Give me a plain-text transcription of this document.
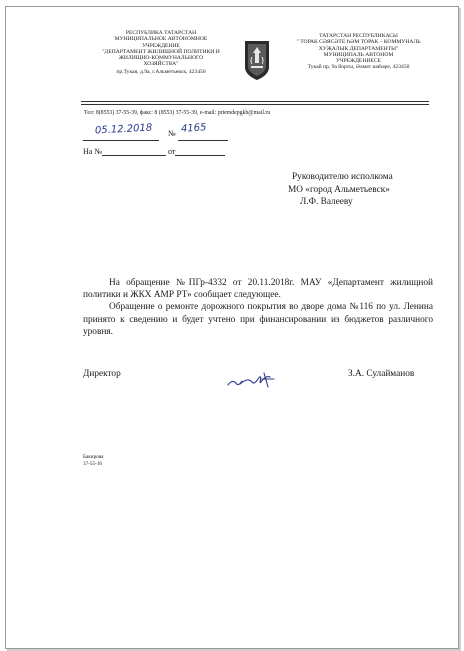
РЕСПУБЛИКА ТАТАРСТАН
МУНИЦИПАЛЬНОЕ АВТОНОМНОЕ
УЧРЕЖДЕНИЕ
"ДЕПАРТАМЕНТ ЖИЛИЩНОЙ ПОЛИТИКИ И
ЖИЛИЩНО-КОММУНАЛЬНОГО
ХОЗЯЙСТВА"
пр.Тукая, д.9а, г.Альметьевск, 423450
ТАТАРСТАН РЕСПУБЛИКАСЫ
" ТОРАК СӘЯСӘТЕ ҺӘМ ТОРАК – КОММУНАЛЬ
ХУҖАЛЫК ДЕПАРТАМЕНТЫ"
МУНИЦИПАЛЬ АВТОНОМ
УЧРЕЖДЕНИЕСЕ
Тукай пр, 9а йорты, Әлмәт шәһәре, 423450
Тел: 8(8553) 37-55-39, факс: 8 (8553) 37-55-39, e-mail: priemdepgkh@mail.ru
05.12.2018 № 4165
На №	от
Руководителю исполкома
МО «город Альметьевск»
Л.Ф. Валееву

На обращение №ПГр-4332 от 20.11.2018г. МАУ «Департамент жилищной политики и ЖКХ АМР РТ» сообщает следующее.

Обращение о ремонте дорожного покрытия во дворе дома №116 по ул. Ленина принято к сведению и будет учтено при финансировании из бюджетов различного уровня.

Директор	З.А. Сулайманов
Бакирова
37-55-16
